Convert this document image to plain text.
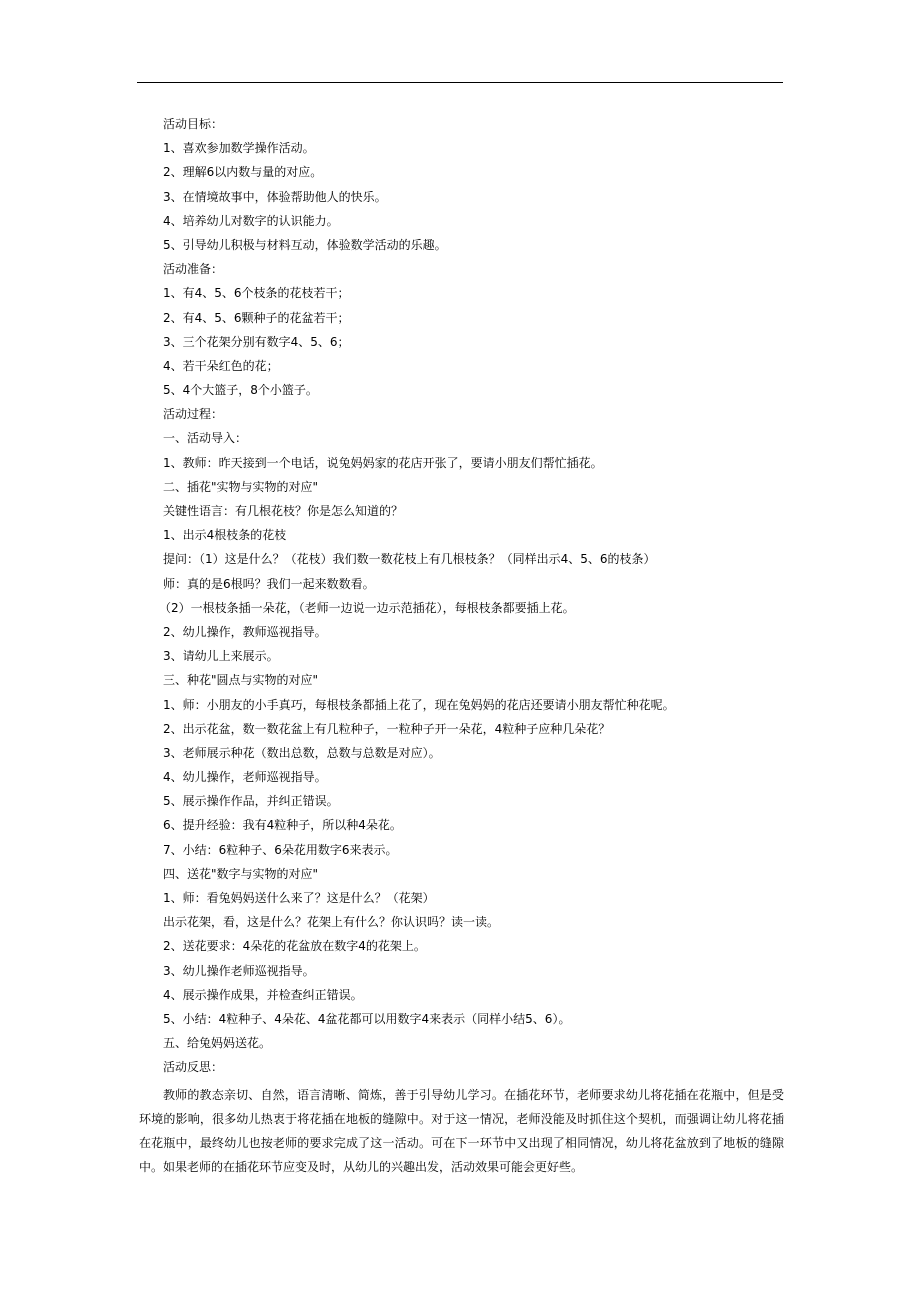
活动目标：
1、喜欢参加数学操作活动。
2、理解6以内数与量的对应。
3、在情境故事中，体验帮助他人的快乐。
4、培养幼儿对数字的认识能力。
5、引导幼儿积极与材料互动，体验数学活动的乐趣。
活动准备：
1、有4、5、6个枝条的花枝若干；
2、有4、5、6颗种子的花盆若干；
3、三个花架分别有数字4、5、6；
4、若干朵红色的花；
5、4个大篮子，8个小篮子。
活动过程：
一、活动导入：
1、教师：昨天接到一个电话，说兔妈妈家的花店开张了，要请小朋友们帮忙插花。
二、插花"实物与实物的对应"
关键性语言：有几根花枝？你是怎么知道的？
1、出示4根枝条的花枝
提问：（1）这是什么？（花枝）我们数一数花枝上有几根枝条？（同样出示4、5、6的枝条）
师：真的是6根吗？我们一起来数数看。
（2）一根枝条插一朵花，（老师一边说一边示范插花），每根枝条都要插上花。
2、幼儿操作，教师巡视指导。
3、请幼儿上来展示。
三、种花"圆点与实物的对应"
1、师：小朋友的小手真巧，每根枝条都插上花了，现在兔妈妈的花店还要请小朋友帮忙种花呢。
2、出示花盆，数一数花盆上有几粒种子，一粒种子开一朵花，4粒种子应种几朵花？
3、老师展示种花（数出总数，总数与总数是对应）。
4、幼儿操作，老师巡视指导。
5、展示操作作品，并纠正错误。
6、提升经验：我有4粒种子，所以种4朵花。
7、小结：6粒种子、6朵花用数字6来表示。
四、送花"数字与实物的对应"
1、师：看兔妈妈送什么来了？这是什么？（花架）
出示花架，看，这是什么？花架上有什么？你认识吗？读一读。
2、送花要求：4朵花的花盆放在数字4的花架上。
3、幼儿操作老师巡视指导。
4、展示操作成果，并检查纠正错误。
5、小结：4粒种子、4朵花、4盆花都可以用数字4来表示（同样小结5、6）。
五、给兔妈妈送花。
活动反思：
教师的教态亲切、自然，语言清晰、简炼，善于引导幼儿学习。在插花环节，老师要求幼儿将花插在花瓶中，但是受环境的影响，很多幼儿热衷于将花插在地板的缝隙中。对于这一情况，老师没能及时抓住这个契机，而强调让幼儿将花插在花瓶中，最终幼儿也按老师的要求完成了这一活动。可在下一环节中又出现了相同情况，幼儿将花盆放到了地板的缝隙中。如果老师的在插花环节应变及时，从幼儿的兴趣出发，活动效果可能会更好些。
